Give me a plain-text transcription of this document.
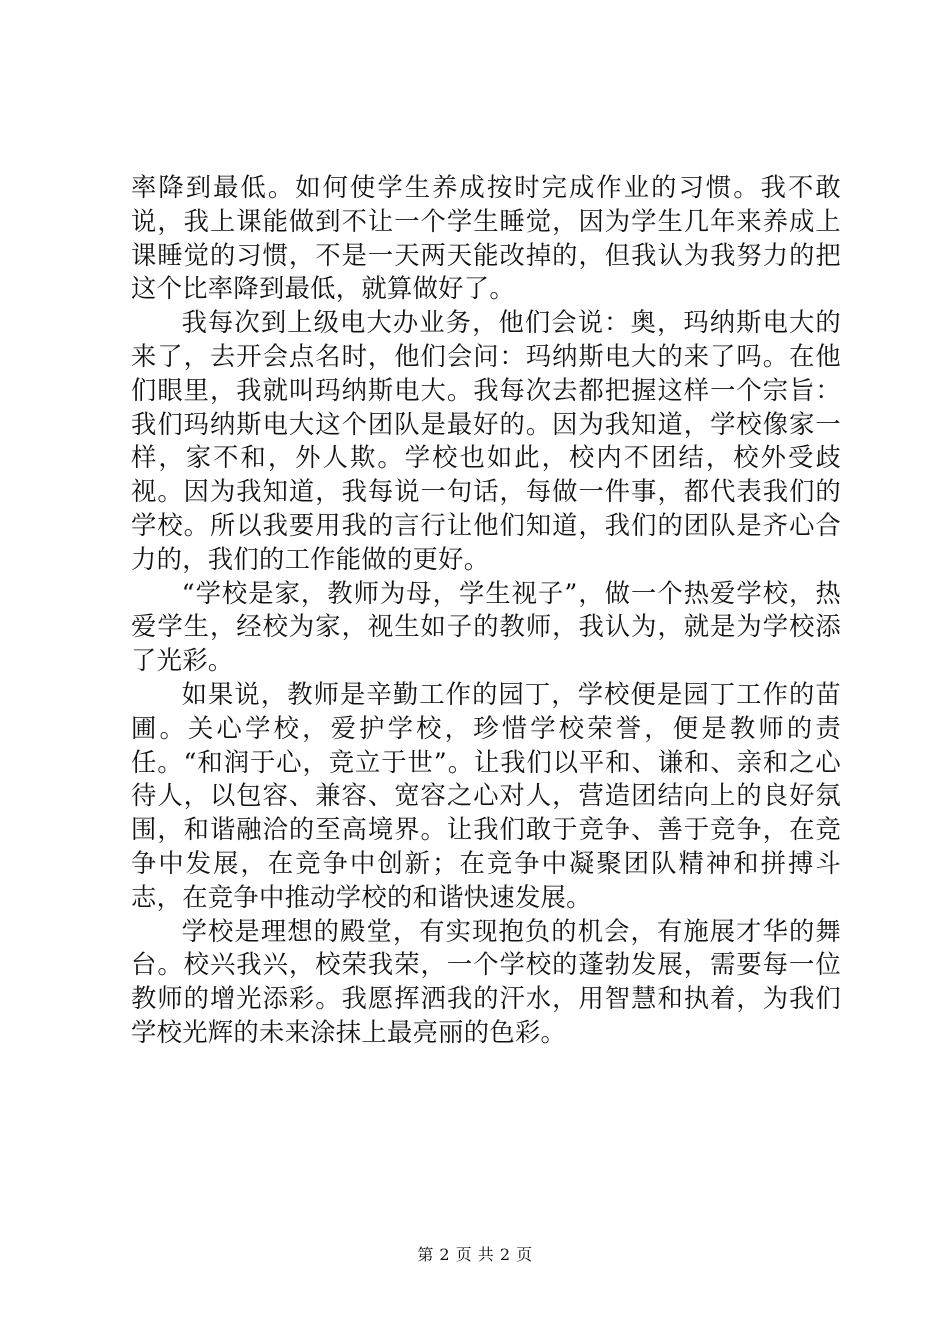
率降到最低。如何使学生养成按时完成作业的习惯。我不敢说，我上课能做到不让一个学生睡觉，因为学生几年来养成上课睡觉的习惯，不是一天两天能改掉的，但我认为我努力的把这个比率降到最低，就算做好了。

我每次到上级电大办业务，他们会说：奥，玛纳斯电大的来了，去开会点名时，他们会问：玛纳斯电大的来了吗。在他们眼里，我就叫玛纳斯电大。我每次去都把握这样一个宗旨：我们玛纳斯电大这个团队是最好的。因为我知道，学校像家一样，家不和，外人欺。学校也如此，校内不团结，校外受歧视。因为我知道，我每说一句话，每做一件事，都代表我们的学校。所以我要用我的言行让他们知道，我们的团队是齐心合力的，我们的工作能做的更好。

“学校是家，教师为母，学生视子”，做一个热爱学校，热爱学生，经校为家，视生如子的教师，我认为，就是为学校添了光彩。

如果说，教师是辛勤工作的园丁，学校便是园丁工作的苗圃。关心学校，爱护学校，珍惜学校荣誉，便是教师的责任。“和润于心，竞立于世”。让我们以平和、谦和、亲和之心待人，以包容、兼容、宽容之心对人，营造团结向上的良好氛围，和谐融洽的至高境界。让我们敢于竞争、善于竞争，在竞争中发展，在竞争中创新；在竞争中凝聚团队精神和拼搏斗志，在竞争中推动学校的和谐快速发展。

学校是理想的殿堂，有实现抱负的机会，有施展才华的舞台。校兴我兴，校荣我荣，一个学校的蓬勃发展，需要每一位教师的增光添彩。我愿挥洒我的汗水，用智慧和执着，为我们学校光辉的未来涂抹上最亮丽的色彩。

第 2 页 共 2 页
